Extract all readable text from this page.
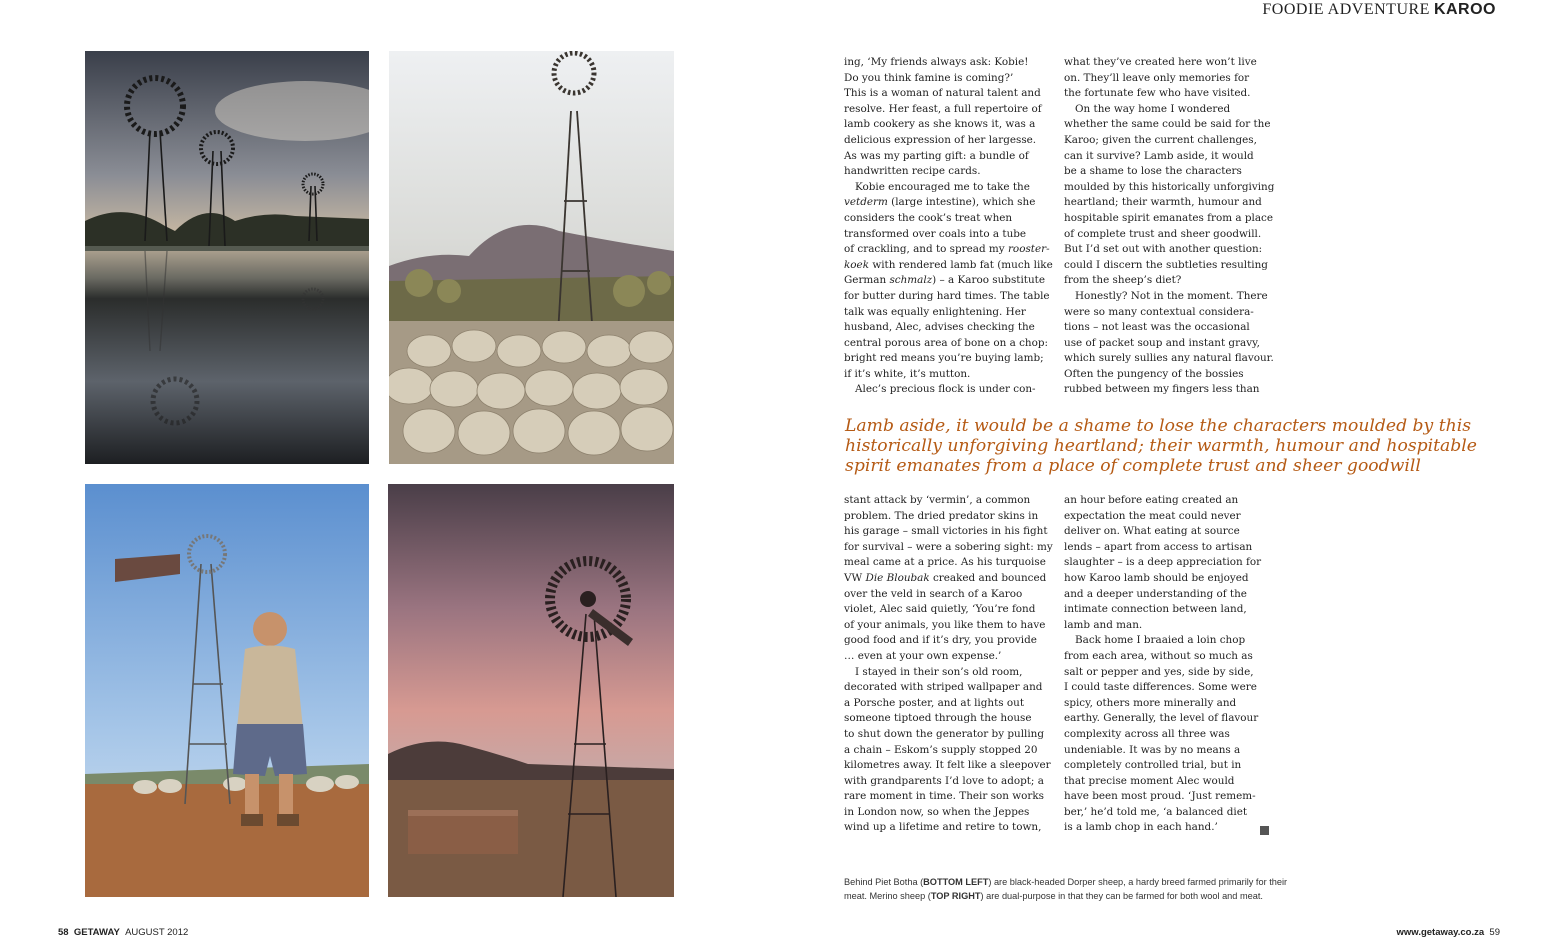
FOODIE ADVENTURE KAROO
ing, ‘My friends always ask: Kobie!
Do you think famine is coming?’
This is a woman of natural talent and
resolve. Her feast, a full repertoire of
lamb cookery as she knows it, was a
delicious expression of her largesse.
As was my parting gift: a bundle of
handwritten recipe cards.
Kobie encouraged me to take the
vetderm (large intestine), which she
considers the cook’s treat when
transformed over coals into a tube
of crackling, and to spread my rooster-
koek with rendered lamb fat (much like
German schmalz) – a Karoo substitute
for butter during hard times. The table
talk was equally enlightening. Her
husband, Alec, advises checking the
central porous area of bone on a chop:
bright red means you’re buying lamb;
if it’s white, it’s mutton.
Alec’s precious flock is under con-
what they’ve created here won’t live
on. They’ll leave only memories for
the fortunate few who have visited.
On the way home I wondered
whether the same could be said for the
Karoo; given the current challenges,
can it survive? Lamb aside, it would
be a shame to lose the characters
moulded by this historically unforgiving
heartland; their warmth, humour and
hospitable spirit emanates from a place
of complete trust and sheer goodwill.
But I’d set out with another question:
could I discern the subtleties resulting
from the sheep’s diet?
Honestly? Not in the moment. There
were so many contextual considera-
tions – not least was the occasional
use of packet soup and instant gravy,
which surely sullies any natural flavour.
Often the pungency of the bossies
rubbed between my fingers less than
Lamb aside, it would be a shame to lose the characters moulded by this
historically unforgiving heartland; their warmth, humour and hospitable
spirit emanates from a place of complete trust and sheer goodwill
stant attack by ‘vermin’, a common
problem. The dried predator skins in
his garage – small victories in his fight
for survival – were a sobering sight: my
meal came at a price. As his turquoise
VW Die Bloubak creaked and bounced
over the veld in search of a Karoo
violet, Alec said quietly, ‘You’re fond
of your animals, you like them to have
good food and if it’s dry, you provide
… even at your own expense.’
I stayed in their son’s old room,
decorated with striped wallpaper and
a Porsche poster, and at lights out
someone tiptoed through the house
to shut down the generator by pulling
a chain – Eskom’s supply stopped 20
kilometres away. It felt like a sleepover
with grandparents I’d love to adopt; a
rare moment in time. Their son works
in London now, so when the Jeppes
wind up a lifetime and retire to town,
an hour before eating created an
expectation the meat could never
deliver on. What eating at source
lends – apart from access to artisan
slaughter – is a deep appreciation for
how Karoo lamb should be enjoyed
and a deeper understanding of the
intimate connection between land,
lamb and man.
Back home I braaied a loin chop
from each area, without so much as
salt or pepper and yes, side by side,
I could taste differences. Some were
spicy, others more minerally and
earthy. Generally, the level of flavour
complexity across all three was
undeniable. It was by no means a
completely controlled trial, but in
that precise moment Alec would
have been most proud. ‘Just remem-
ber,’ he’d told me, ‘a balanced diet
is a lamb chop in each hand.’
Behind Piet Botha (BOTTOM LEFT) are black-headed Dorper sheep, a hardy breed farmed primarily for their
meat. Merino sheep (TOP RIGHT) are dual-purpose in that they can be farmed for both wool and meat.
58 GETAWAY AUGUST 2012	www.getaway.co.za 59
